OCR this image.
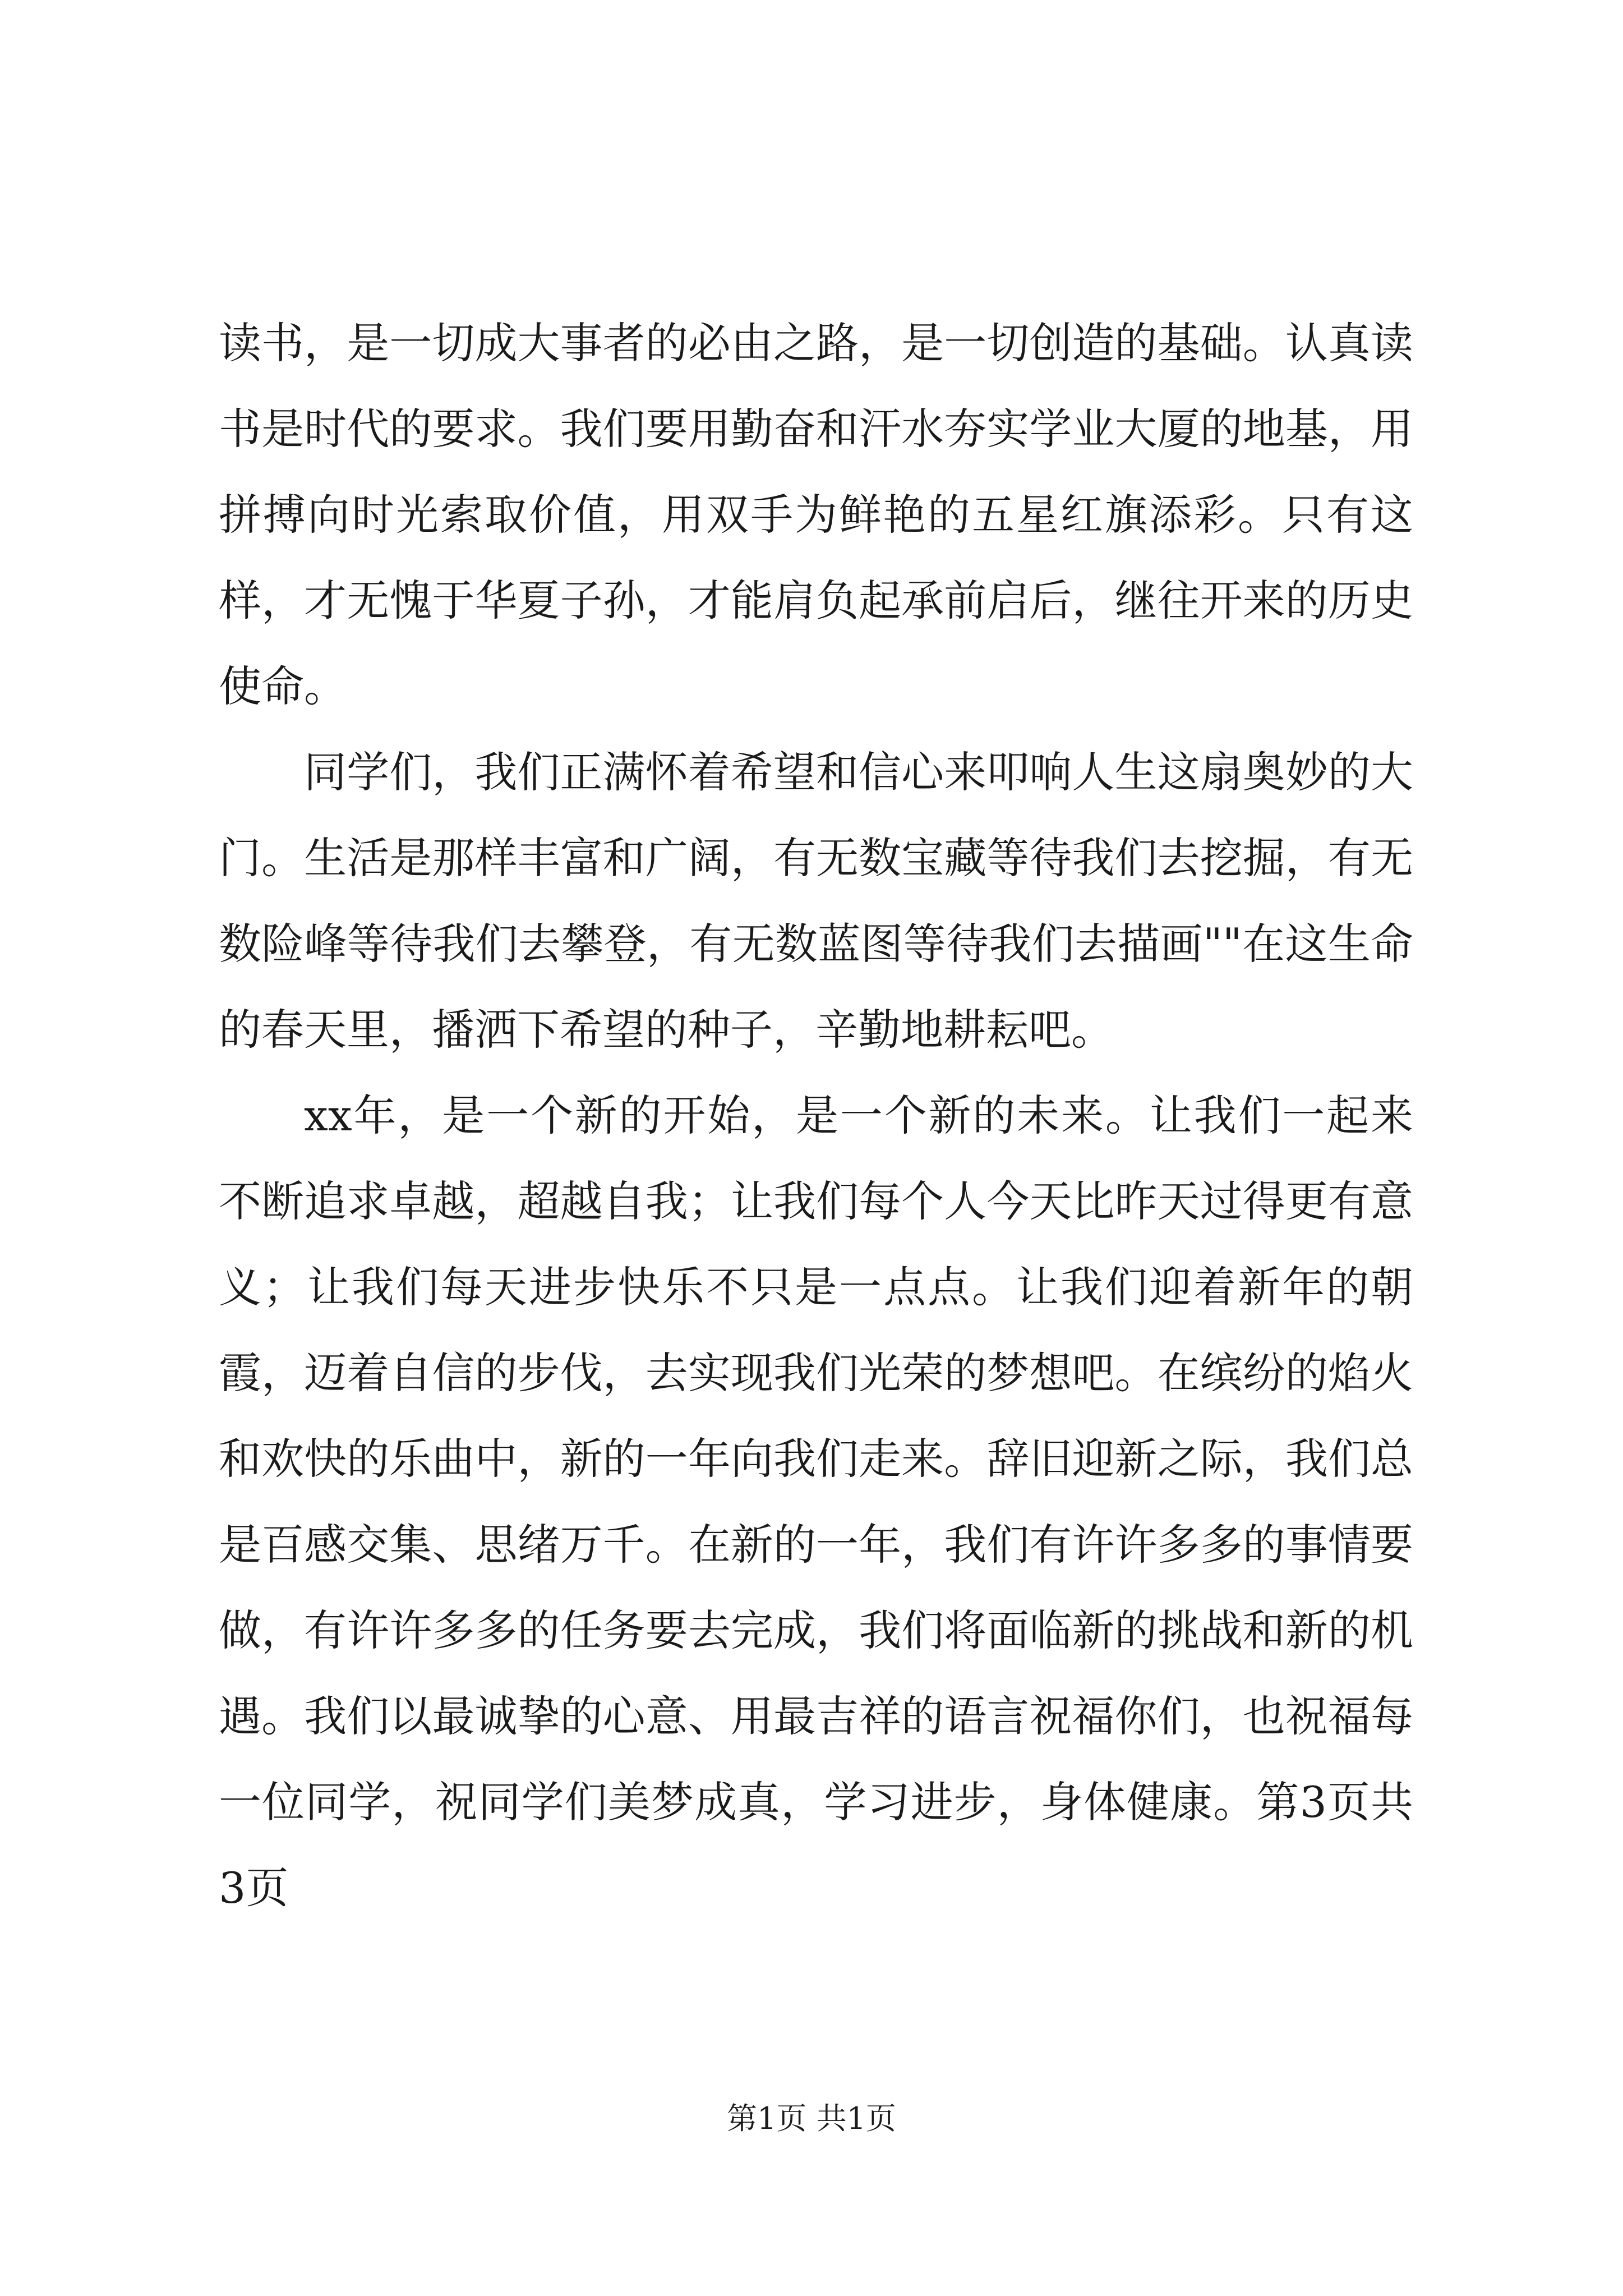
读书，是一切成大事者的必由之路，是一切创造的基础。认真读书是时代的要求。我们要用勤奋和汗水夯实学业大厦的地基，用拼搏向时光索取价值，用双手为鲜艳的五星红旗添彩。只有这样，才无愧于华夏子孙，才能肩负起承前启后，继往开来的历史使命。

同学们，我们正满怀着希望和信心来叩响人生这扇奥妙的大门。生活是那样丰富和广阔，有无数宝藏等待我们去挖掘，有无数险峰等待我们去攀登，有无数蓝图等待我们去描画""在这生命的春天里，播洒下希望的种子，辛勤地耕耘吧。

xx年，是一个新的开始，是一个新的未来。让我们一起来不断追求卓越，超越自我；让我们每个人今天比昨天过得更有意义；让我们每天进步快乐不只是一点点。让我们迎着新年的朝霞，迈着自信的步伐，去实现我们光荣的梦想吧。在缤纷的焰火和欢快的乐曲中，新的一年向我们走来。辞旧迎新之际，我们总是百感交集、思绪万千。在新的一年，我们有许许多多的事情要做，有许许多多的任务要去完成，我们将面临新的挑战和新的机遇。我们以最诚挚的心意、用最吉祥的语言祝福你们，也祝福每一位同学，祝同学们美梦成真，学习进步，身体健康。第3页共3页

第1页 共1页
